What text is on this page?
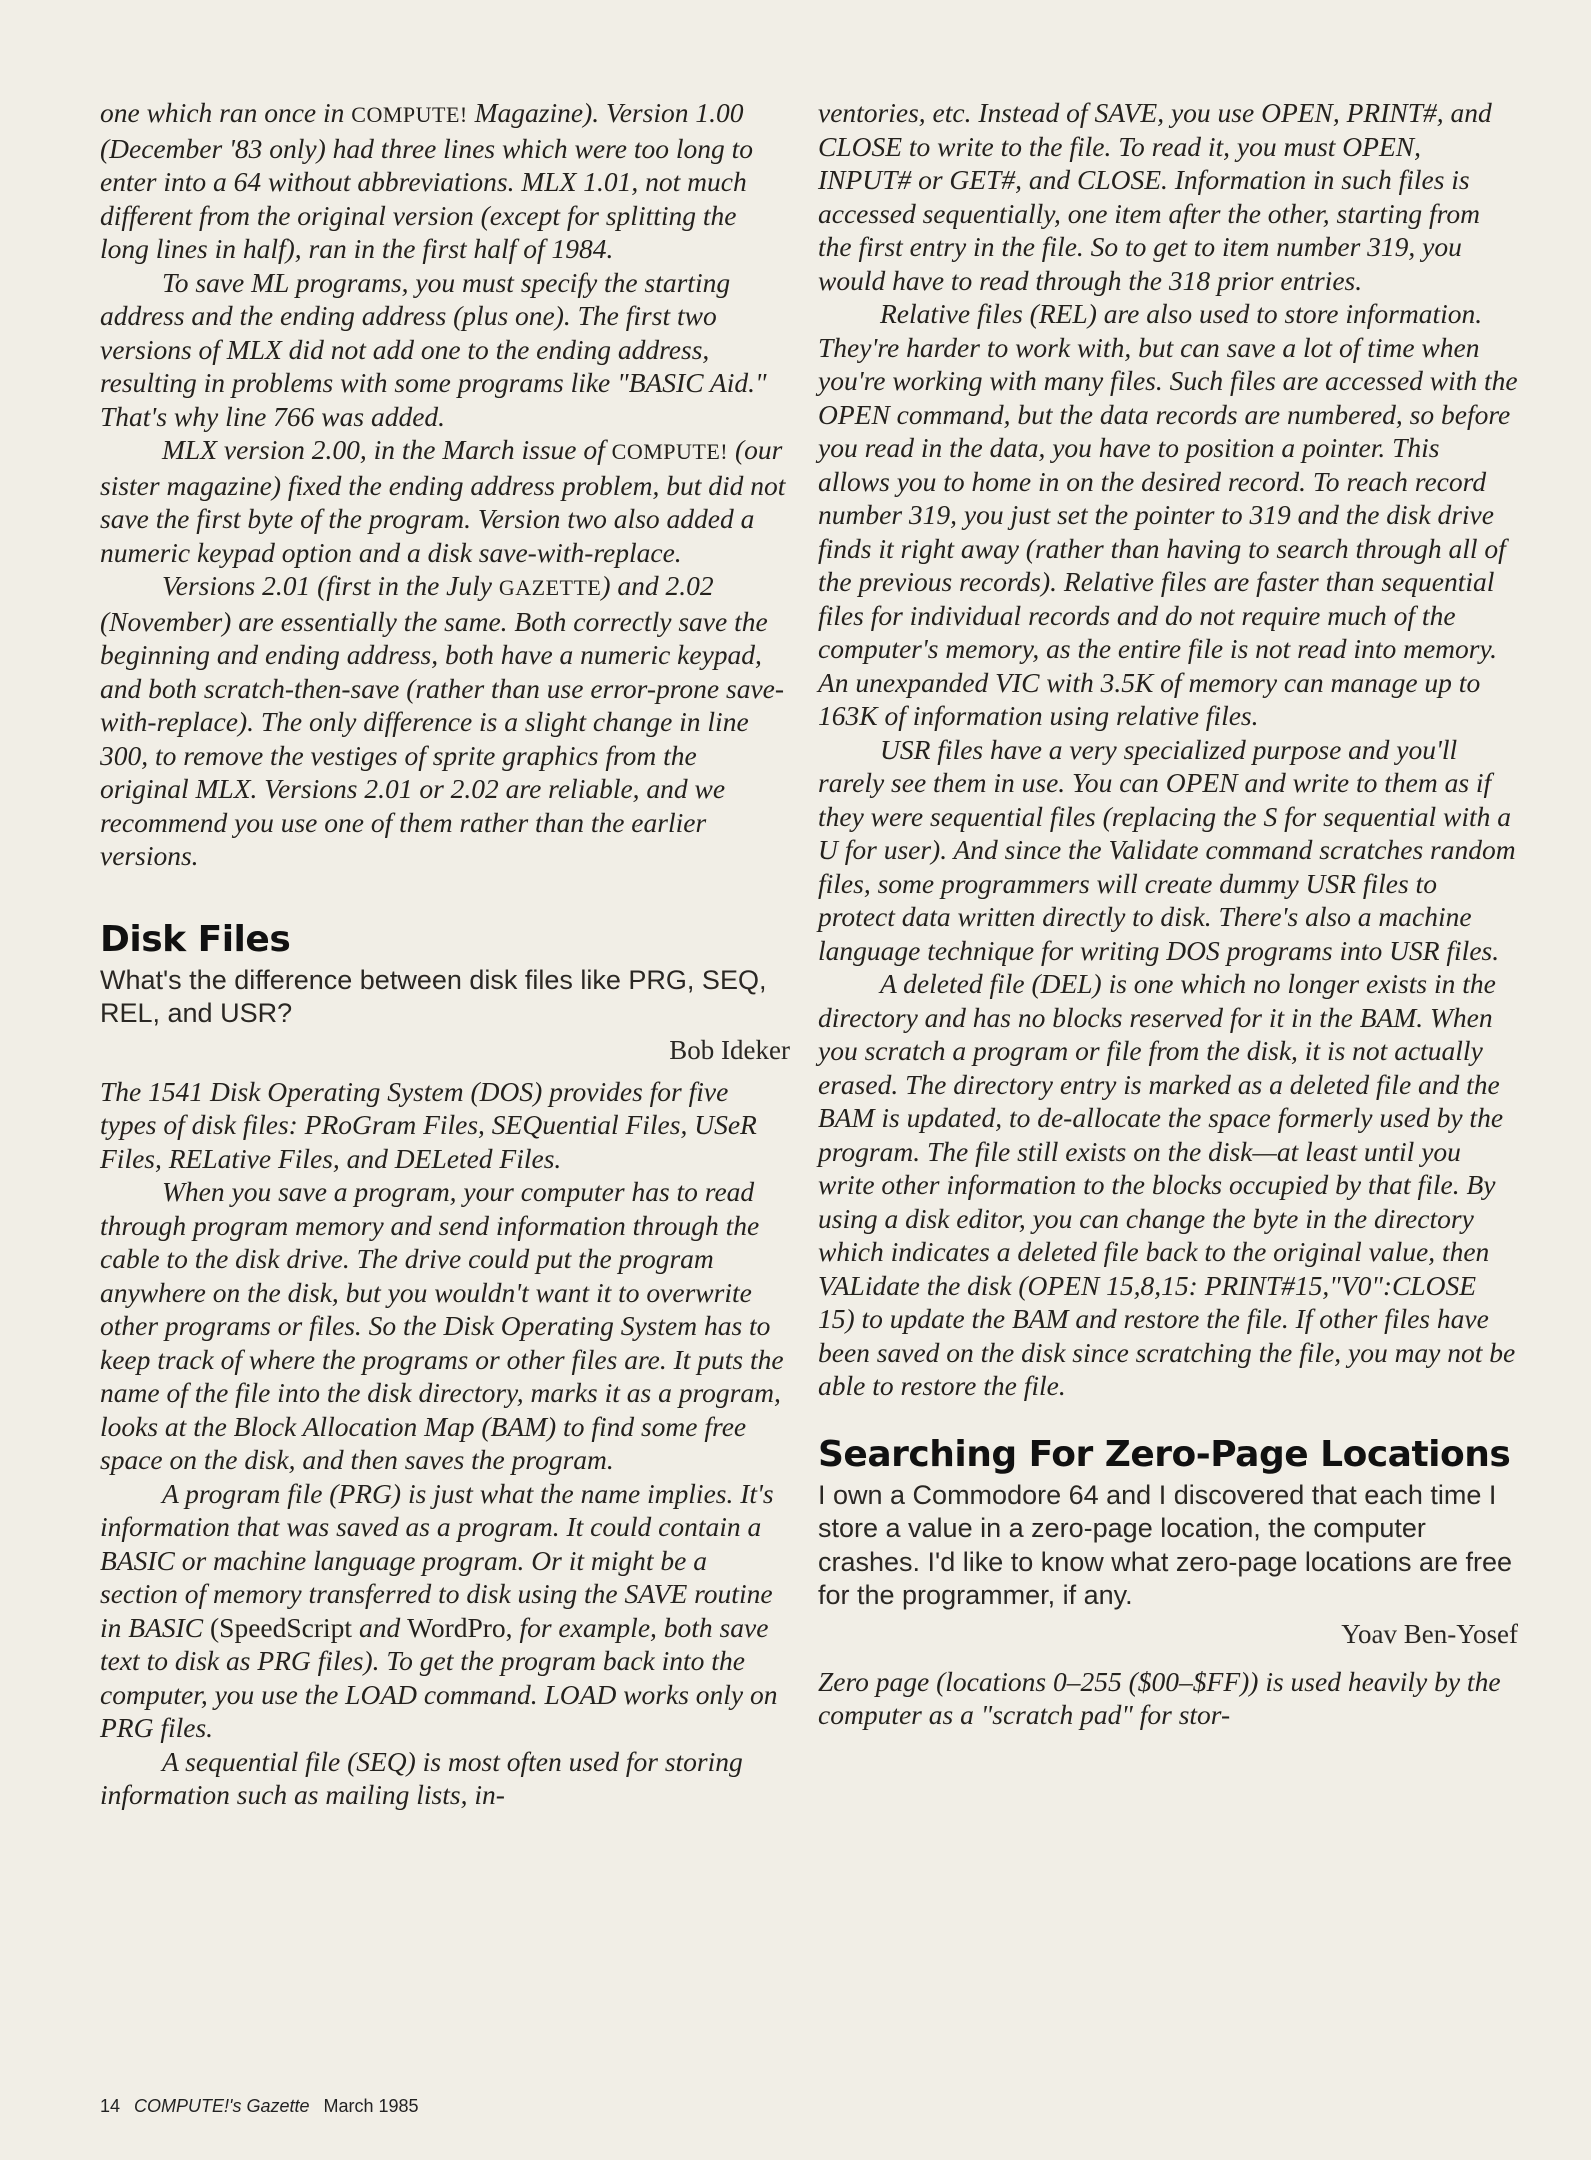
one which ran once in COMPUTE! Magazine). Version 1.00 (December '83 only) had three lines which were too long to enter into a 64 without abbreviations. MLX 1.01, not much different from the original version (except for splitting the long lines in half), ran in the first half of 1984.

To save ML programs, you must specify the starting address and the ending address (plus one). The first two versions of MLX did not add one to the ending address, resulting in problems with some programs like "BASIC Aid." That's why line 766 was added.

MLX version 2.00, in the March issue of COMPUTE! (our sister magazine) fixed the ending address problem, but did not save the first byte of the program. Version two also added a numeric keypad option and a disk save-with-replace.

Versions 2.01 (first in the July GAZETTE) and 2.02 (November) are essentially the same. Both correctly save the beginning and ending address, both have a numeric keypad, and both scratch-then-save (rather than use error-prone save-with-replace). The only difference is a slight change in line 300, to remove the vestiges of sprite graphics from the original MLX. Versions 2.01 or 2.02 are reliable, and we recommend you use one of them rather than the earlier versions.

Disk Files

What's the difference between disk files like PRG, SEQ, REL, and USR?

Bob Ideker

The 1541 Disk Operating System (DOS) provides for five types of disk files: PRoGram Files, SEQuential Files, USeR Files, RELative Files, and DELeted Files.

When you save a program, your computer has to read through program memory and send information through the cable to the disk drive. The drive could put the program anywhere on the disk, but you wouldn't want it to overwrite other programs or files. So the Disk Operating System has to keep track of where the programs or other files are. It puts the name of the file into the disk directory, marks it as a program, looks at the Block Allocation Map (BAM) to find some free space on the disk, and then saves the program.

A program file (PRG) is just what the name implies. It's information that was saved as a program. It could contain a BASIC or machine language program. Or it might be a section of memory transferred to disk using the SAVE routine in BASIC (SpeedScript and WordPro, for example, both save text to disk as PRG files). To get the program back into the computer, you use the LOAD command. LOAD works only on PRG files.

A sequential file (SEQ) is most often used for storing information such as mailing lists, in-

ventories, etc. Instead of SAVE, you use OPEN, PRINT#, and CLOSE to write to the file. To read it, you must OPEN, INPUT# or GET#, and CLOSE. Information in such files is accessed sequentially, one item after the other, starting from the first entry in the file. So to get to item number 319, you would have to read through the 318 prior entries.

Relative files (REL) are also used to store information. They're harder to work with, but can save a lot of time when you're working with many files. Such files are accessed with the OPEN command, but the data records are numbered, so before you read in the data, you have to position a pointer. This allows you to home in on the desired record. To reach record number 319, you just set the pointer to 319 and the disk drive finds it right away (rather than having to search through all of the previous records). Relative files are faster than sequential files for individual records and do not require much of the computer's memory, as the entire file is not read into memory. An unexpanded VIC with 3.5K of memory can manage up to 163K of information using relative files.

USR files have a very specialized purpose and you'll rarely see them in use. You can OPEN and write to them as if they were sequential files (replacing the S for sequential with a U for user). And since the Validate command scratches random files, some programmers will create dummy USR files to protect data written directly to disk. There's also a machine language technique for writing DOS programs into USR files.

A deleted file (DEL) is one which no longer exists in the directory and has no blocks reserved for it in the BAM. When you scratch a program or file from the disk, it is not actually erased. The directory entry is marked as a deleted file and the BAM is updated, to de-allocate the space formerly used by the program. The file still exists on the disk—at least until you write other information to the blocks occupied by that file. By using a disk editor, you can change the byte in the directory which indicates a deleted file back to the original value, then VALidate the disk (OPEN 15,8,15: PRINT#15,"V0":CLOSE 15) to update the BAM and restore the file. If other files have been saved on the disk since scratching the file, you may not be able to restore the file.

Searching For Zero-Page Locations

I own a Commodore 64 and I discovered that each time I store a value in a zero-page location, the computer crashes. I'd like to know what zero-page locations are free for the programmer, if any.

Yoav Ben-Yosef

Zero page (locations 0–255 ($00–$FF)) is used heavily by the computer as a "scratch pad" for stor-

14 COMPUTE!'s Gazette March 1985
